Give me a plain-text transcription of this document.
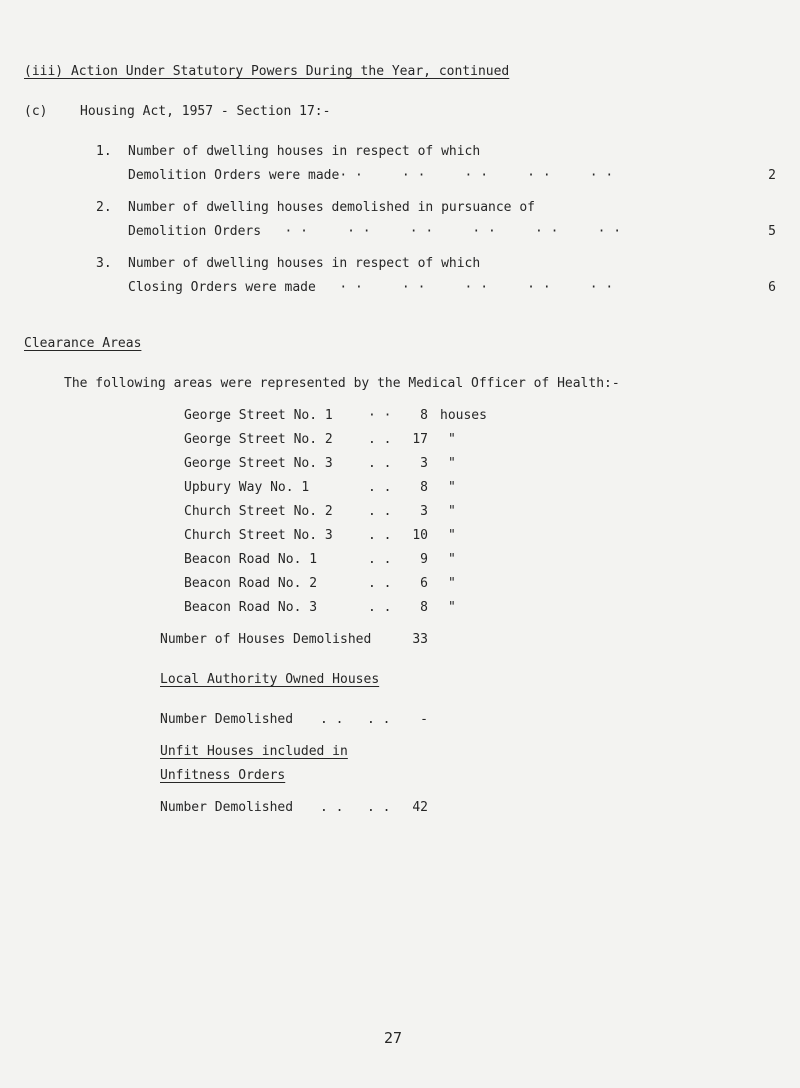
(iii) Action Under Statutory Powers During the Year, continued
(c)	Housing Act, 1957 - Section 17:-
1. Number of dwelling houses in respect of which
Demolition Orders were made· ·     · ·     · ·     · ·     · ·	2
2. Number of dwelling houses demolished in pursuance of
Demolition Orders   · ·     · ·     · ·     · ·     · ·     · ·	5
3. Number of dwelling houses in respect of which
Closing Orders were made   · ·     · ·     · ·     · ·     · ·	6
Clearance Areas
The following areas were represented by the Medical Officer of Health:-
George Street No. 1	· ·	8 houses
George Street No. 2	. .	17 "
George Street No. 3	. .	3 "
Upbury Way No. 1	. .	8 "
Church Street No. 2	. .	3 "
Church Street No. 3	. .	10 "
Beacon Road No. 1	. .	9 "
Beacon Road No. 2	. .	6 "
Beacon Road No. 3	. .	8 "
Number of Houses Demolished	33
Local Authority Owned Houses
Number Demolished . .   . .	-
Unfit Houses included in
Unfitness Orders
Number Demolished . .   . .	42
27
